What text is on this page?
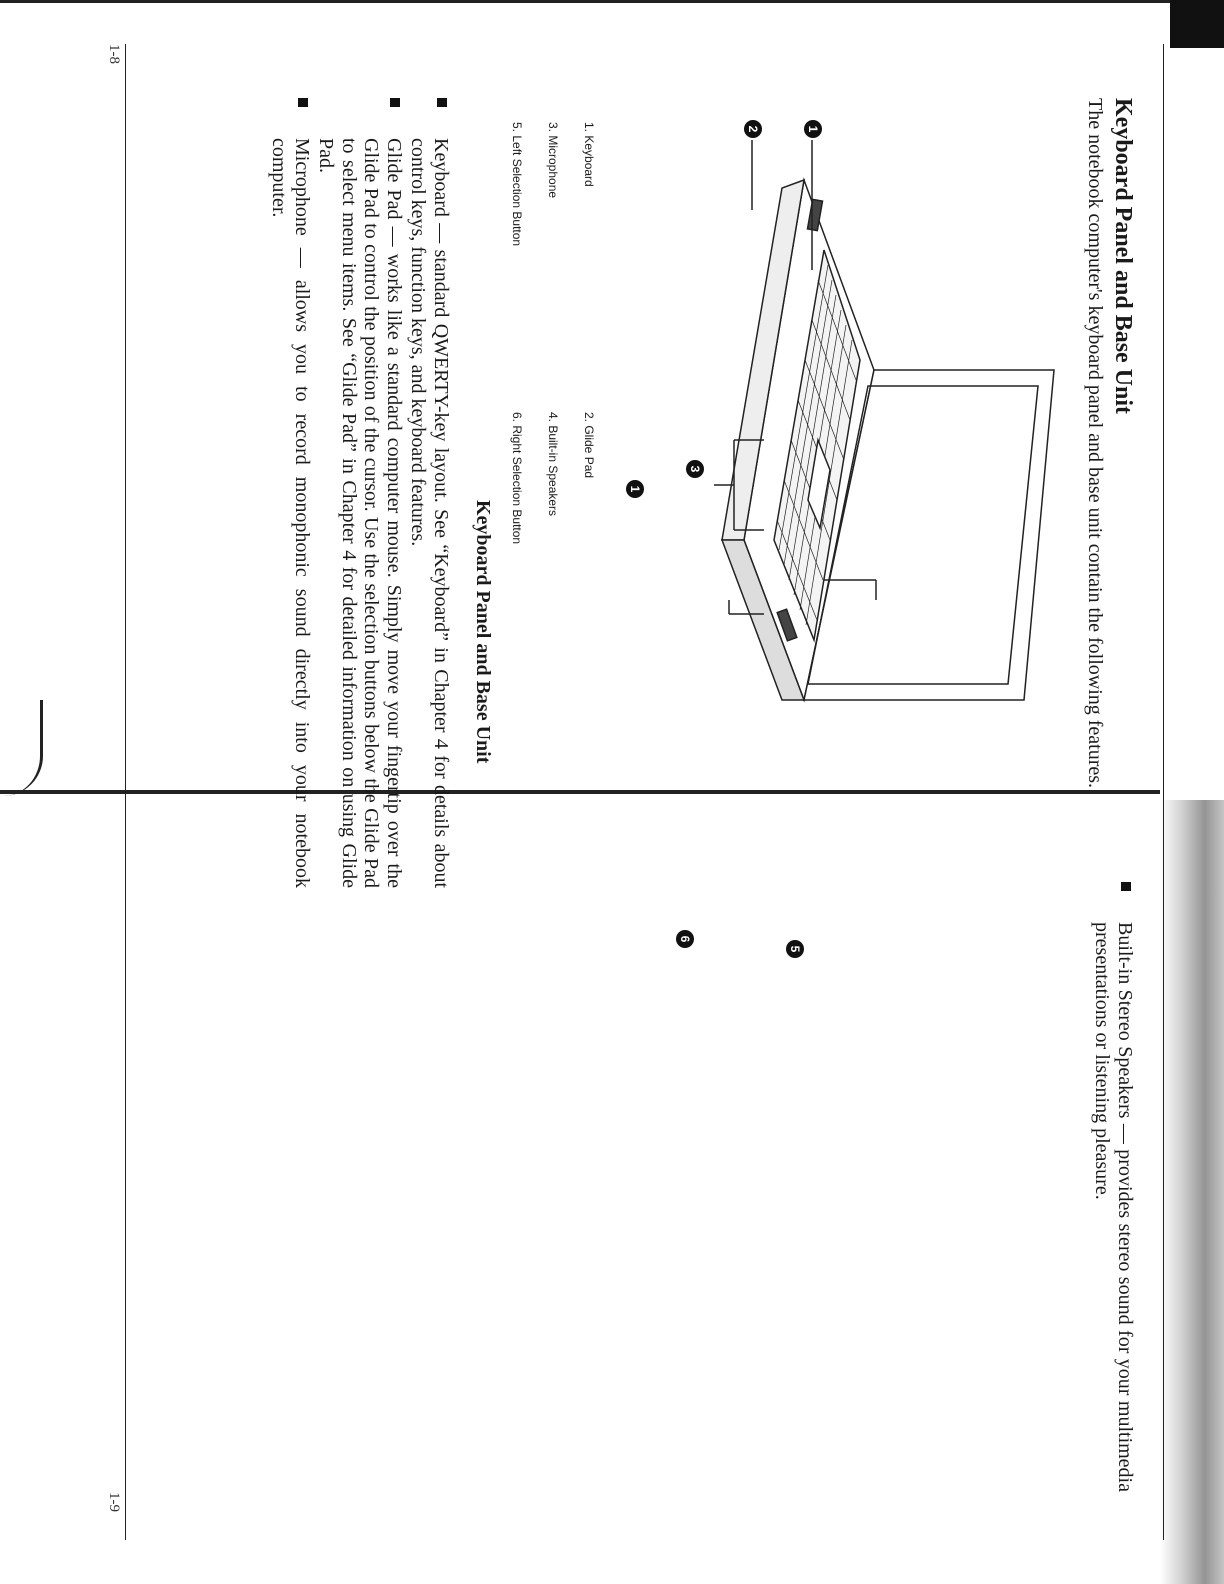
1-8
Keyboard Panel and Base Unit
The notebook computer's keyboard panel and base unit contain the following features.
1
2
3
1
5
6
1. Keyboard
2. Glide Pad
3. Microphone
4. Built-in Speakers
5. Left Selection Button
6. Right Selection Button
Keyboard Panel and Base Unit
Keyboard — standard QWERTY-key layout. See “Keyboard” in Chapter 4 for details about control keys, function keys, and keyboard features.
Glide Pad — works like a standard computer mouse. Simply move your fingertip over the Glide Pad to control the position of the cursor. Use the selection buttons below the Glide Pad to select menu items. See “Glide Pad” in Chapter 4 for detailed information on using Glide Pad.
Microphone — allows you to record monophonic sound directly into your notebook computer.
1-9
Built-in Stereo Speakers — provides stereo sound for your multimedia presentations or listening pleasure.
